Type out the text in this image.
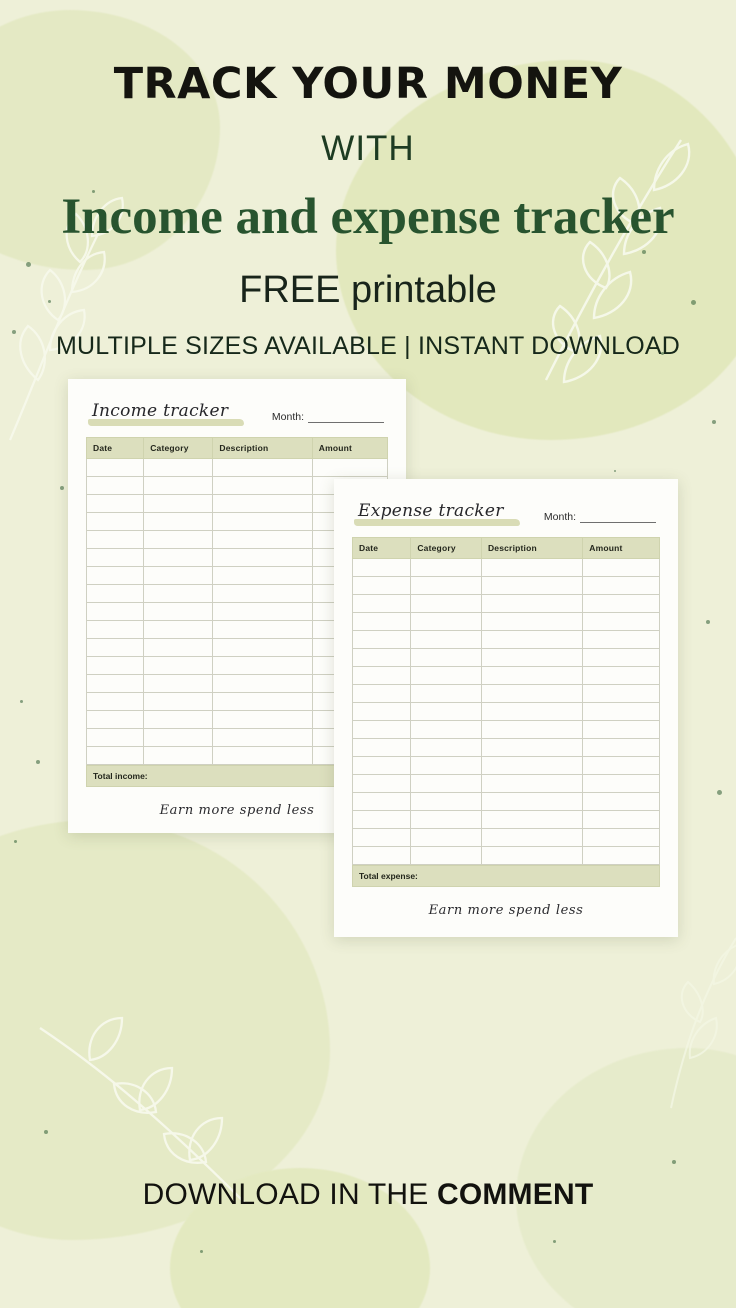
TRACK YOUR MONEY
WITH
Income and expense tracker
FREE printable
MULTIPLE SIZES AVAILABLE | INSTANT DOWNLOAD
Income tracker	Month:
Date	Category	Description	Amount

Total income:
Earn more spend less
Expense tracker	Month:
Date	Category	Description	Amount

Total expense:
Earn more spend less
DOWNLOAD IN THE COMMENT
